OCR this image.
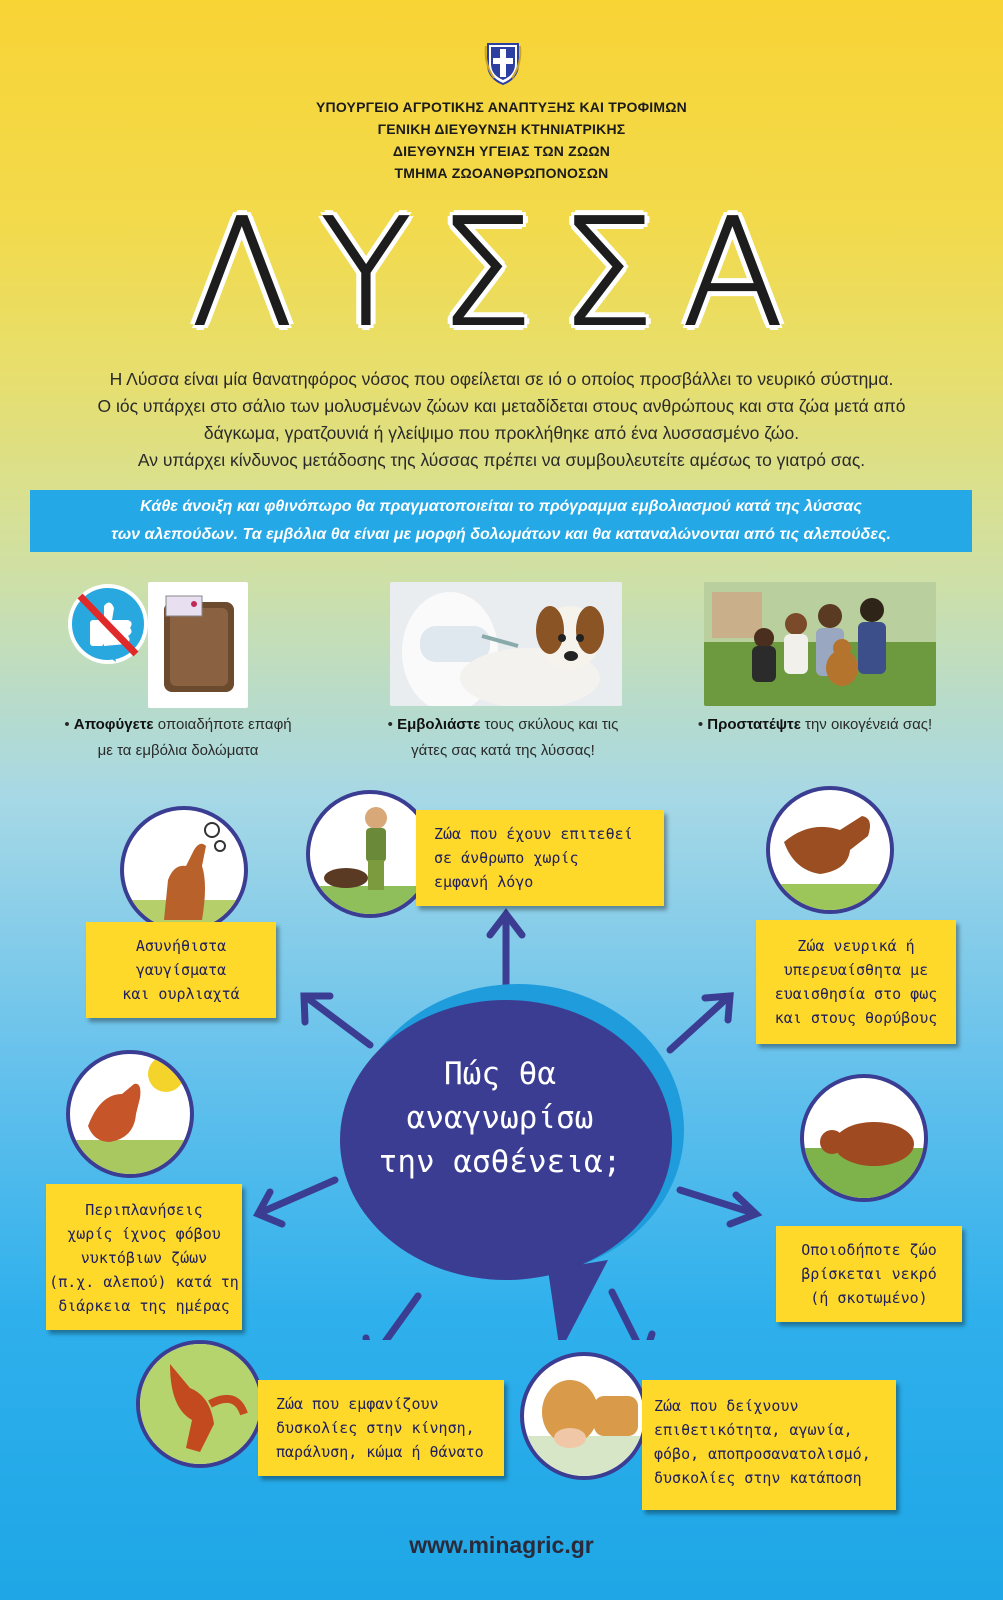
ΥΠΟΥΡΓΕΙΟ ΑΓΡΟΤΙΚΗΣ ΑΝΑΠΤΥΞΗΣ ΚΑΙ ΤΡΟΦΙΜΩΝ
ΓΕΝΙΚΗ ΔΙΕΥΘΥΝΣΗ ΚΤΗΝΙΑΤΡΙΚΗΣ
ΔΙΕΥΘΥΝΣΗ ΥΓΕΙΑΣ ΤΩΝ ΖΩΩΝ
ΤΜΗΜΑ ΖΩΟΑΝΘΡΩΠΟΝΟΣΩΝ
ΛΥΣΣΑ
Η Λύσσα είναι μία θανατηφόρος νόσος που οφείλεται σε ιό ο οποίος προσβάλλει το νευρικό σύστημα.
Ο ιός υπάρχει στο σάλιο των μολυσμένων ζώων και μεταδίδεται στους ανθρώπους και στα ζώα μετά από
δάγκωμα, γρατζουνιά ή γλείψιμο που προκλήθηκε από ένα λυσσασμένο ζώο.
Αν υπάρχει κίνδυνος μετάδοσης της λύσσας πρέπει να συμβουλευτείτε αμέσως το γιατρό σας.
Κάθε άνοιξη και φθινόπωρο θα πραγματοποιείται το πρόγραμμα εμβολιασμού κατά της λύσσας
των αλεπούδων. Τα εμβόλια θα είναι με μορφή δολωμάτων και θα καταναλώνονται από τις αλεπούδες.
• Αποφύγετε οποιαδήποτε επαφή
με τα εμβόλια δολώματα
• Εμβολιάστε τους σκύλους και τις
γάτες σας κατά της λύσσας!
• Προστατέψτε την οικογένειά σας!
Πώς θα
αναγνωρίσω
την ασθένεια;
Ασυνήθιστα
γαυγίσματα
και ουρλιαχτά
Ζώα που έχουν επιτεθεί
σε άνθρωπο χωρίς
εμφανή λόγο
Ζώα νευρικά ή
υπερευαίσθητα με
ευαισθησία στο φως
και στους θορύβους
Περιπλανήσεις
χωρίς ίχνος φόβου
νυκτόβιων ζώων
(π.χ. αλεπού) κατά τη
διάρκεια της ημέρας
Οποιοδήποτε ζώο
βρίσκεται νεκρό
(ή σκοτωμένο)
Ζώα που εμφανίζουν
δυσκολίες στην κίνηση,
παράλυση, κώμα ή θάνατο
Ζώα που δείχνουν
επιθετικότητα, αγωνία,
φόβο, αποπροσανατολισμό,
δυσκολίες στην κατάποση
www.minagric.gr
